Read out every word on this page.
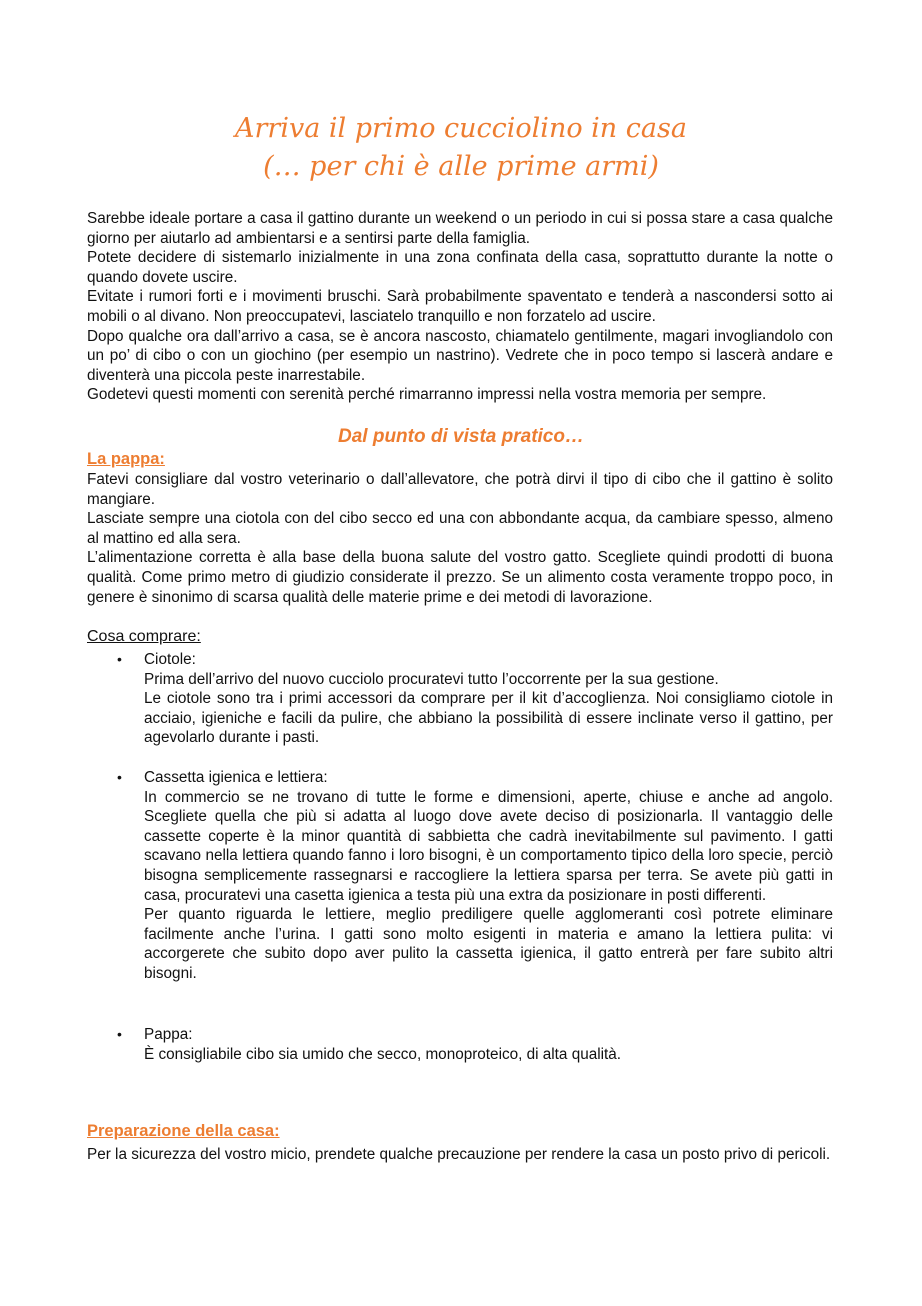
Arriva il primo cucciolino in casa
(… per chi è alle prime armi)

Sarebbe ideale portare a casa il gattino durante un weekend o un periodo in cui si possa stare a casa qualche giorno per aiutarlo ad ambientarsi e a sentirsi parte della famiglia.

Potete decidere di sistemarlo inizialmente in una zona confinata della casa, soprattutto durante la notte o quando dovete uscire.

Evitate i rumori forti e i movimenti bruschi. Sarà probabilmente spaventato e tenderà a nascondersi sotto ai mobili o al divano. Non preoccupatevi, lasciatelo tranquillo e non forzatelo ad uscire.

Dopo qualche ora dall’arrivo a casa, se è ancora nascosto, chiamatelo gentilmente, magari invogliandolo con un po’ di cibo o con un giochino (per esempio un nastrino). Vedrete che in poco tempo si lascerà andare e diventerà una piccola peste inarrestabile.

Godetevi questi momenti con serenità perché rimarranno impressi nella vostra memoria per sempre.

Dal punto di vista pratico…
La pappa:

Fatevi consigliare dal vostro veterinario o dall’allevatore, che potrà dirvi il tipo di cibo che il gattino è solito mangiare.

Lasciate sempre una ciotola con del cibo secco ed una con abbondante acqua, da cambiare spesso, almeno al mattino ed alla sera.

L’alimentazione corretta è alla base della buona salute del vostro gatto. Scegliete quindi prodotti di buona qualità. Come primo metro di giudizio considerate il prezzo. Se un alimento costa veramente troppo poco, in genere è sinonimo di scarsa qualità delle materie prime e dei metodi di lavorazione.

Cosa comprare:
• Ciotole:

Prima dell’arrivo del nuovo cucciolo procuratevi tutto l’occorrente per la sua gestione.

Le ciotole sono tra i primi accessori da comprare per il kit d’accoglienza. Noi consigliamo ciotole in acciaio, igieniche e facili da pulire, che abbiano la possibilità di essere inclinate verso il gattino, per agevolarlo durante i pasti.

• Cassetta igienica e lettiera:

In commercio se ne trovano di tutte le forme e dimensioni, aperte, chiuse e anche ad angolo. Scegliete quella che più si adatta al luogo dove avete deciso di posizionarla. Il vantaggio delle cassette coperte è la minor quantità di sabbietta che cadrà inevitabilmente sul pavimento. I gatti scavano nella lettiera quando fanno i loro bisogni, è un comportamento tipico della loro specie, perciò bisogna semplicemente rassegnarsi e raccogliere la lettiera sparsa per terra. Se avete più gatti in casa, procuratevi una casetta igienica a testa più una extra da posizionare in posti differenti.

Per quanto riguarda le lettiere, meglio prediligere quelle agglomeranti così potrete eliminare facilmente anche l’urina. I gatti sono molto esigenti in materia e amano la lettiera pulita: vi accorgerete che subito dopo aver pulito la cassetta igienica, il gatto entrerà per fare subito altri bisogni.

• Pappa:

È consigliabile cibo sia umido che secco, monoproteico, di alta qualità.

Preparazione della casa:

Per la sicurezza del vostro micio, prendete qualche precauzione per rendere la casa un posto privo di pericoli.
